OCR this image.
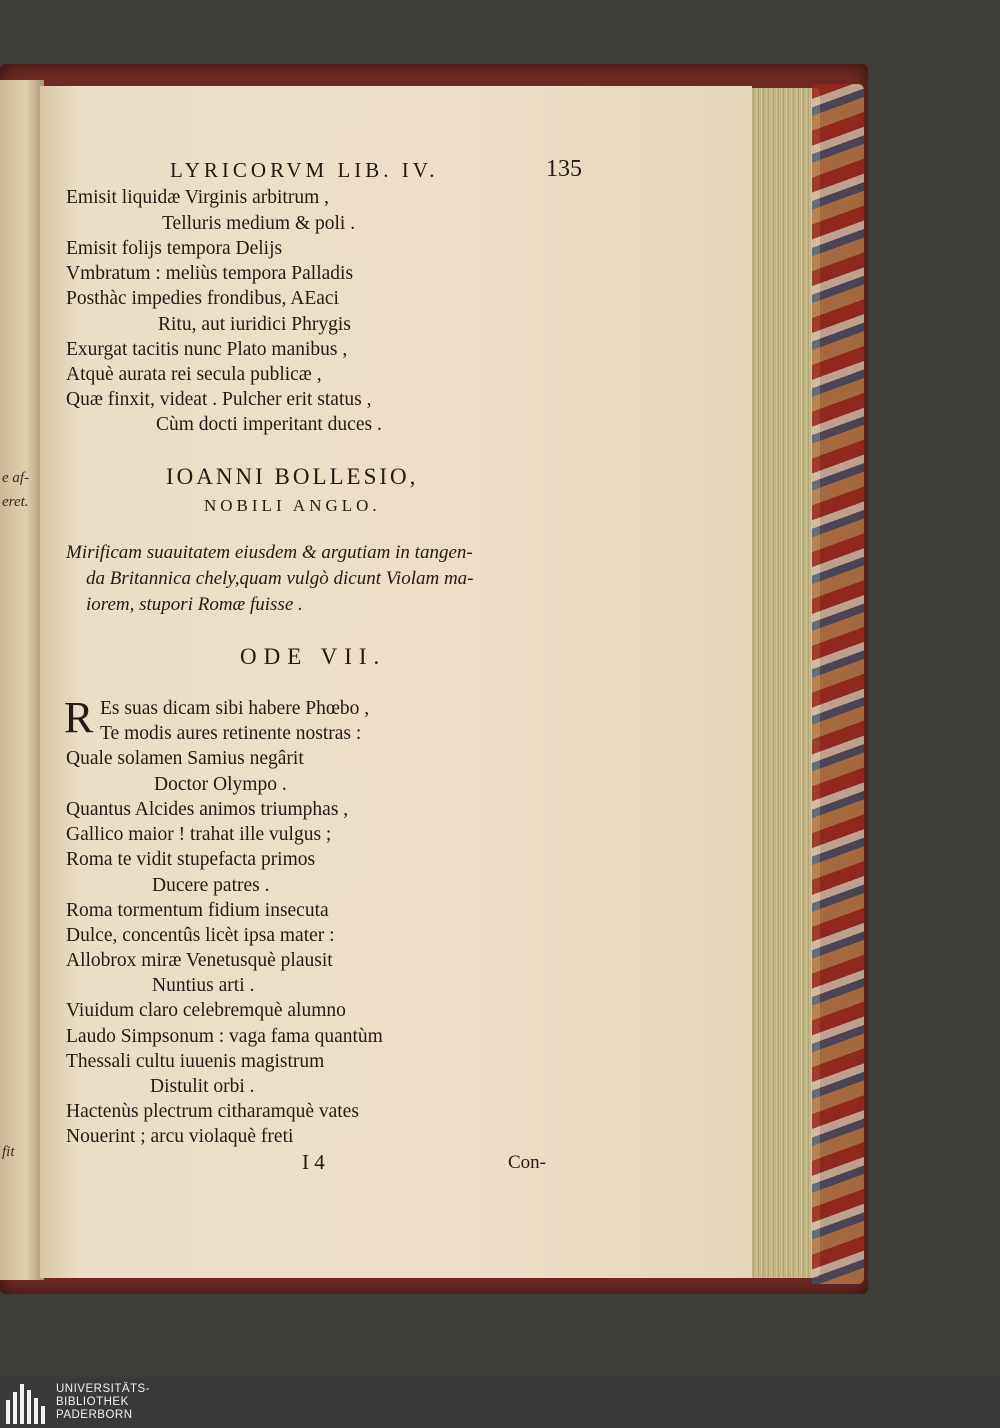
e af-
eret.
fit
LYRICORVM LIB. IV.	135
Emisit liquidæ Virginis arbitrum ,
Telluris medium & poli .
Emisit folijs tempora Delijs
Vmbratum : meliùs tempora Palladis
Posthàc impedies frondibus, AEaci
Ritu, aut iuridici Phrygis
Exurgat tacitis nunc Plato manibus ,
Atquè aurata rei secula publicæ ,
Quæ finxit, videat . Pulcher erit status ,
Cùm docti imperitant duces .
IOANNI BOLLESIO,
NOBILI ANGLO.
Mirificam suauitatem eiusdem & argutiam in tangen-
da Britannica chely,quam vulgò dicunt Violam ma-
iorem, stupori Romæ fuisse .
ODE VII.
R Es suas dicam sibi habere Phœbo ,
Te modis aures retinente nostras :
Quale solamen Samius negârit
Doctor Olympo .
Quantus Alcides animos triumphas ,
Gallico maior ! trahat ille vulgus ;
Roma te vidit stupefacta primos
Ducere patres .
Roma tormentum fidium insecuta
Dulce, concentûs licèt ipsa mater :
Allobrox miræ Venetusquè plausit
Nuntius arti .
Viuidum claro celebremquè alumno
Laudo Simpsonum : vaga fama quantùm
Thessali cultu iuuenis magistrum
Distulit orbi .
Hactenùs plectrum citharamquè vates
Nouerint ; arcu violaquè freti
I 4	Con-
UNIVERSITÄTS-
BIBLIOTHEK
PADERBORN
